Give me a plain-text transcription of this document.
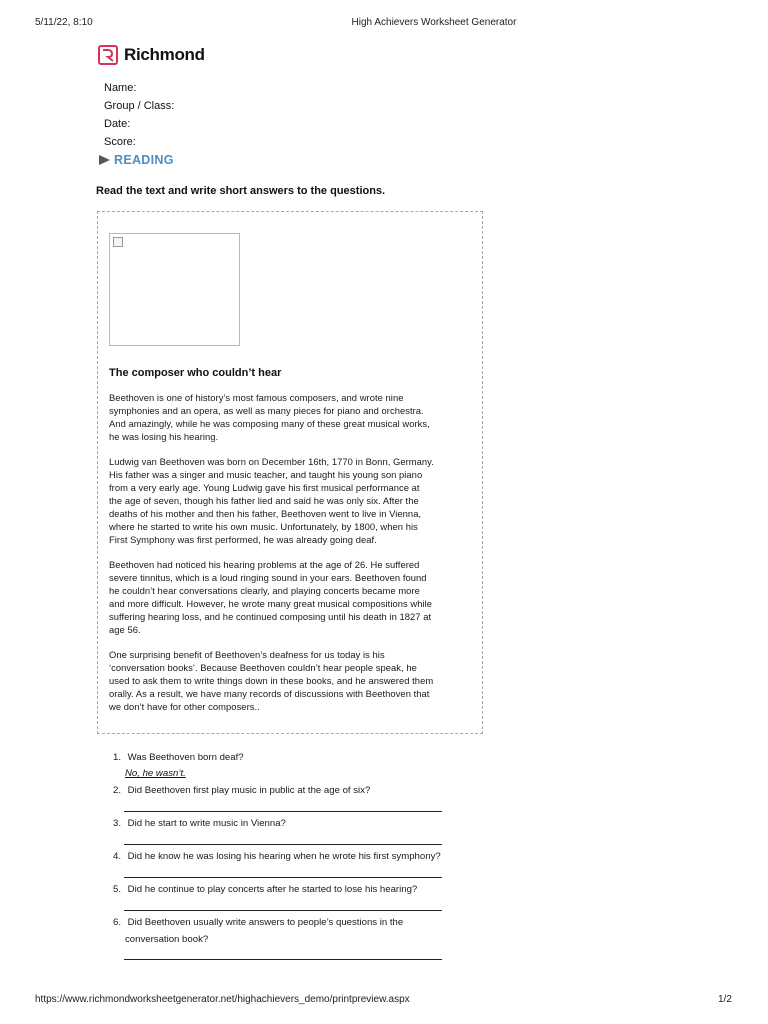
5/11/22, 8:10	High Achievers Worksheet Generator
Richmond
Name:
Group / Class:
Date:
Score:
READING
Read the text and write short answers to the questions.
The composer who couldn’t hear
Beethoven is one of history’s most famous composers, and wrote nine
symphonies and an opera, as well as many pieces for piano and orchestra.
And amazingly, while he was composing many of these great musical works,
he was losing his hearing.
Ludwig van Beethoven was born on December 16th, 1770 in Bonn, Germany.
His father was a singer and music teacher, and taught his young son piano
from a very early age. Young Ludwig gave his first musical performance at
the age of seven, though his father lied and said he was only six. After the
deaths of his mother and then his father, Beethoven went to live in Vienna,
where he started to write his own music. Unfortunately, by 1800, when his
First Symphony was first performed, he was already going deaf.
Beethoven had noticed his hearing problems at the age of 26. He suffered
severe tinnitus, which is a loud ringing sound in your ears. Beethoven found
he couldn’t hear conversations clearly, and playing concerts became more
and more difficult. However, he wrote many great musical compositions while
suffering hearing loss, and he continued composing until his death in 1827 at
age 56.
One surprising benefit of Beethoven’s deafness for us today is his
‘conversation books’. Because Beethoven couldn’t hear people speak, he
used to ask them to write things down in these books, and he answered them
orally. As a result, we have many records of discussions with Beethoven that
we don’t have for other composers..
1. Was Beethoven born deaf?
No, he wasn’t.
2. Did Beethoven first play music in public at the age of six?
3. Did he start to write music in Vienna?
4. Did he know he was losing his hearing when he wrote his first symphony?
5. Did he continue to play concerts after he started to lose his hearing?
6. Did Beethoven usually write answers to people’s questions in the
conversation book?
https://www.richmondworksheetgenerator.net/highachievers_demo/printpreview.aspx	1/2
